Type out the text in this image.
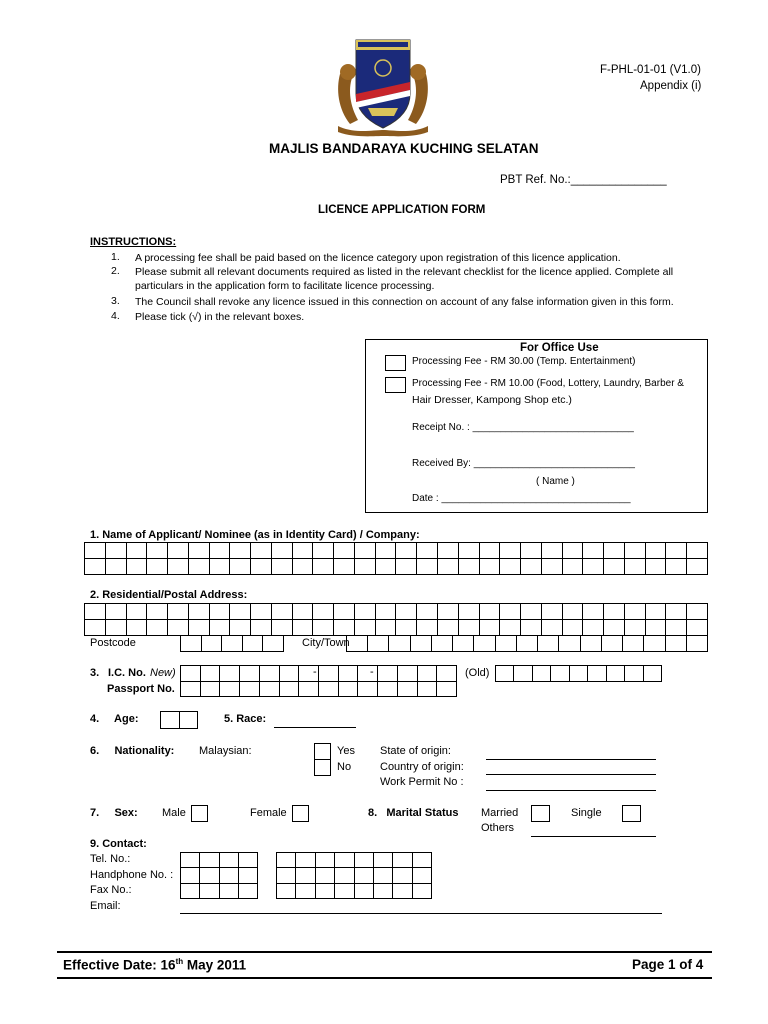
F-PHL-01-01 (V1.0)
Appendix (i)
MAJLIS BANDARAYA KUCHING SELATAN
PBT Ref. No.:_______________
LICENCE APPLICATION FORM
INSTRUCTIONS:
1.	A processing fee shall be paid based on the licence category upon registration of this licence application.
2.	Please submit all relevant documents required as listed in the relevant checklist for the licence applied. Complete all particulars in the application form to facilitate licence processing.
3.	The Council shall revoke any licence issued in this connection on account of any false information given in this form.
4.	Please tick (√) in the relevant boxes.
For Office Use
Processing Fee - RM 30.00 (Temp. Entertainment)
Processing Fee - RM 10.00 (Food, Lottery, Laundry, Barber &
Hair Dresser, Kampong Shop etc.)
Receipt No. : _____________________________
Received By: _____________________________
( Name )
Date : __________________________________
1. Name of Applicant/ Nominee (as in Identity Card) / Company:
2. Residential/Postal Address:
Postcode	City/Town
3. I.C. No. New)	-	-	(Old)
Passport No.
4.     Age:	5. Race:
6.     Nationality: Malaysian:	Yes
No
State of origin:
Country of origin:
Work Permit No :
7.     Sex: Male	Female	8.   Marital Status Married	Single
Others
9. Contact:
Tel. No.:
Handphone No. :
Fax No.:
Email:
Effective Date: 16th May 2011	Page 1 of 4
